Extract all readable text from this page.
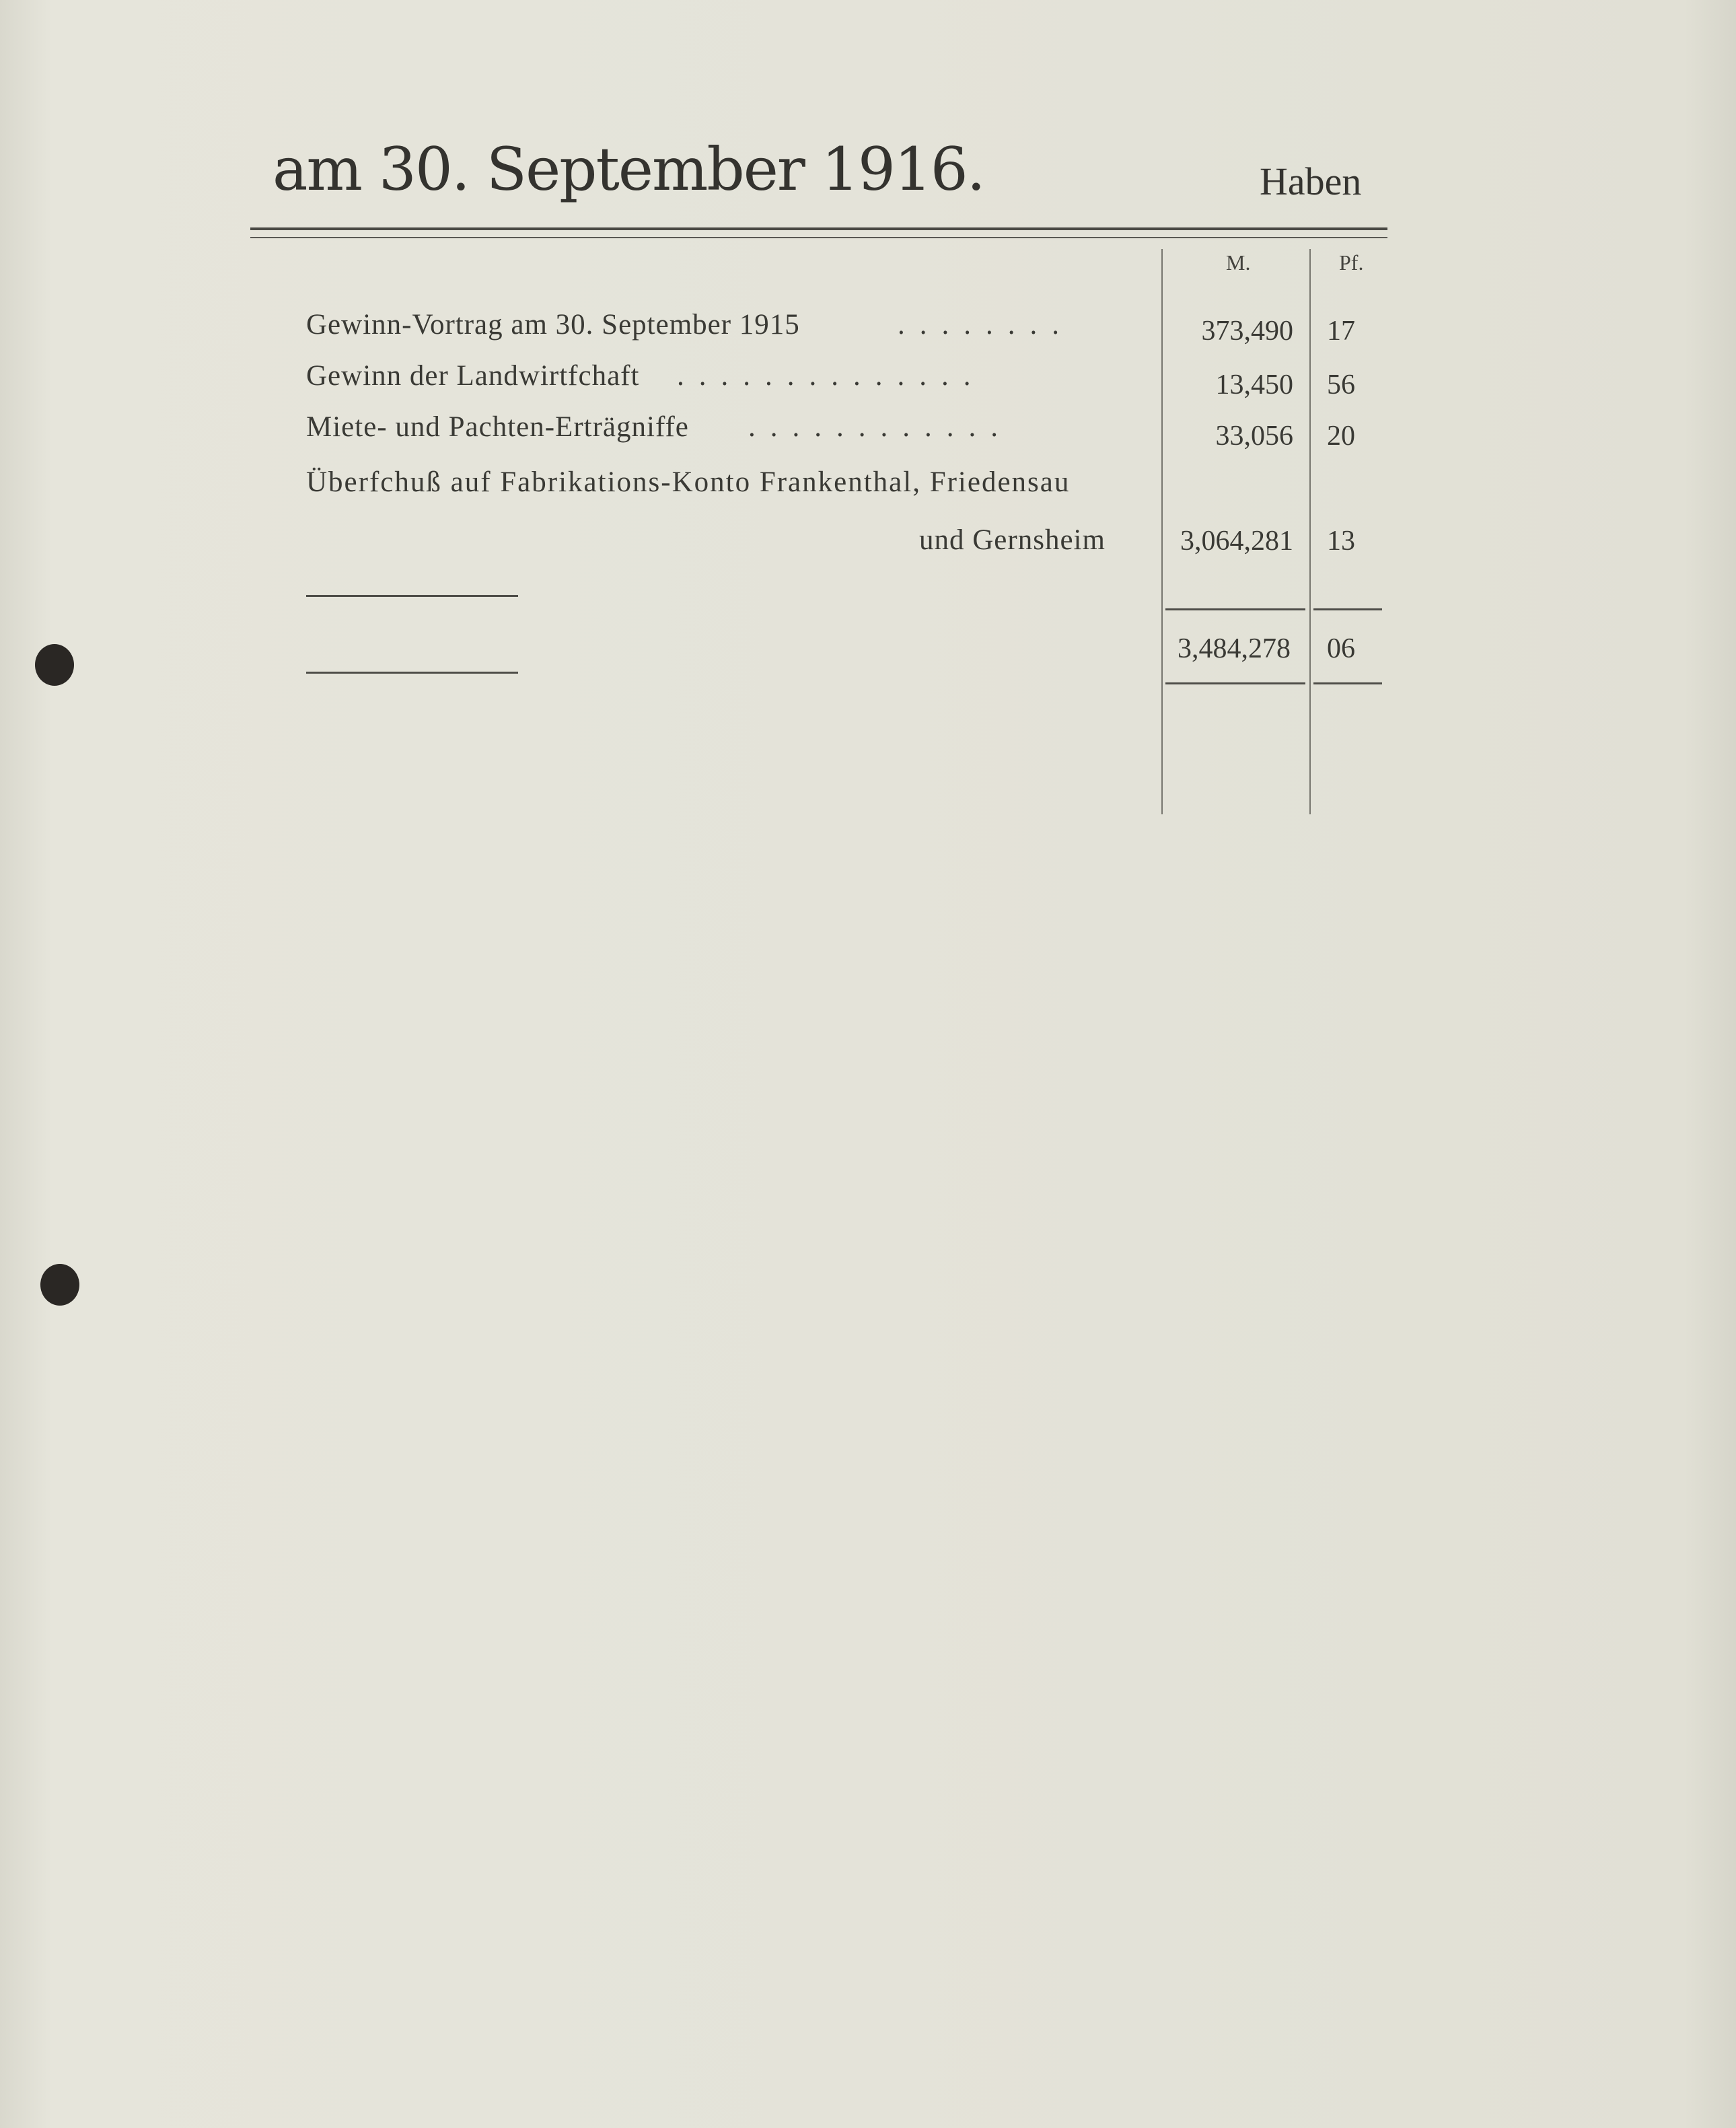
am 30. September 1916.	Haben
M.	Pf.
Gewinn-Vortrag am 30. September 1915	........	373,490 17
Gewinn der Landwirtfchaft ..............	13,450 56
Miete- und Pachten-Erträgniffe ............	33,056 20
Überfchuß auf Fabrikations-Konto Frankenthal, Friedensau
und Gernsheim	3,064,281 13
3,484,278 06
